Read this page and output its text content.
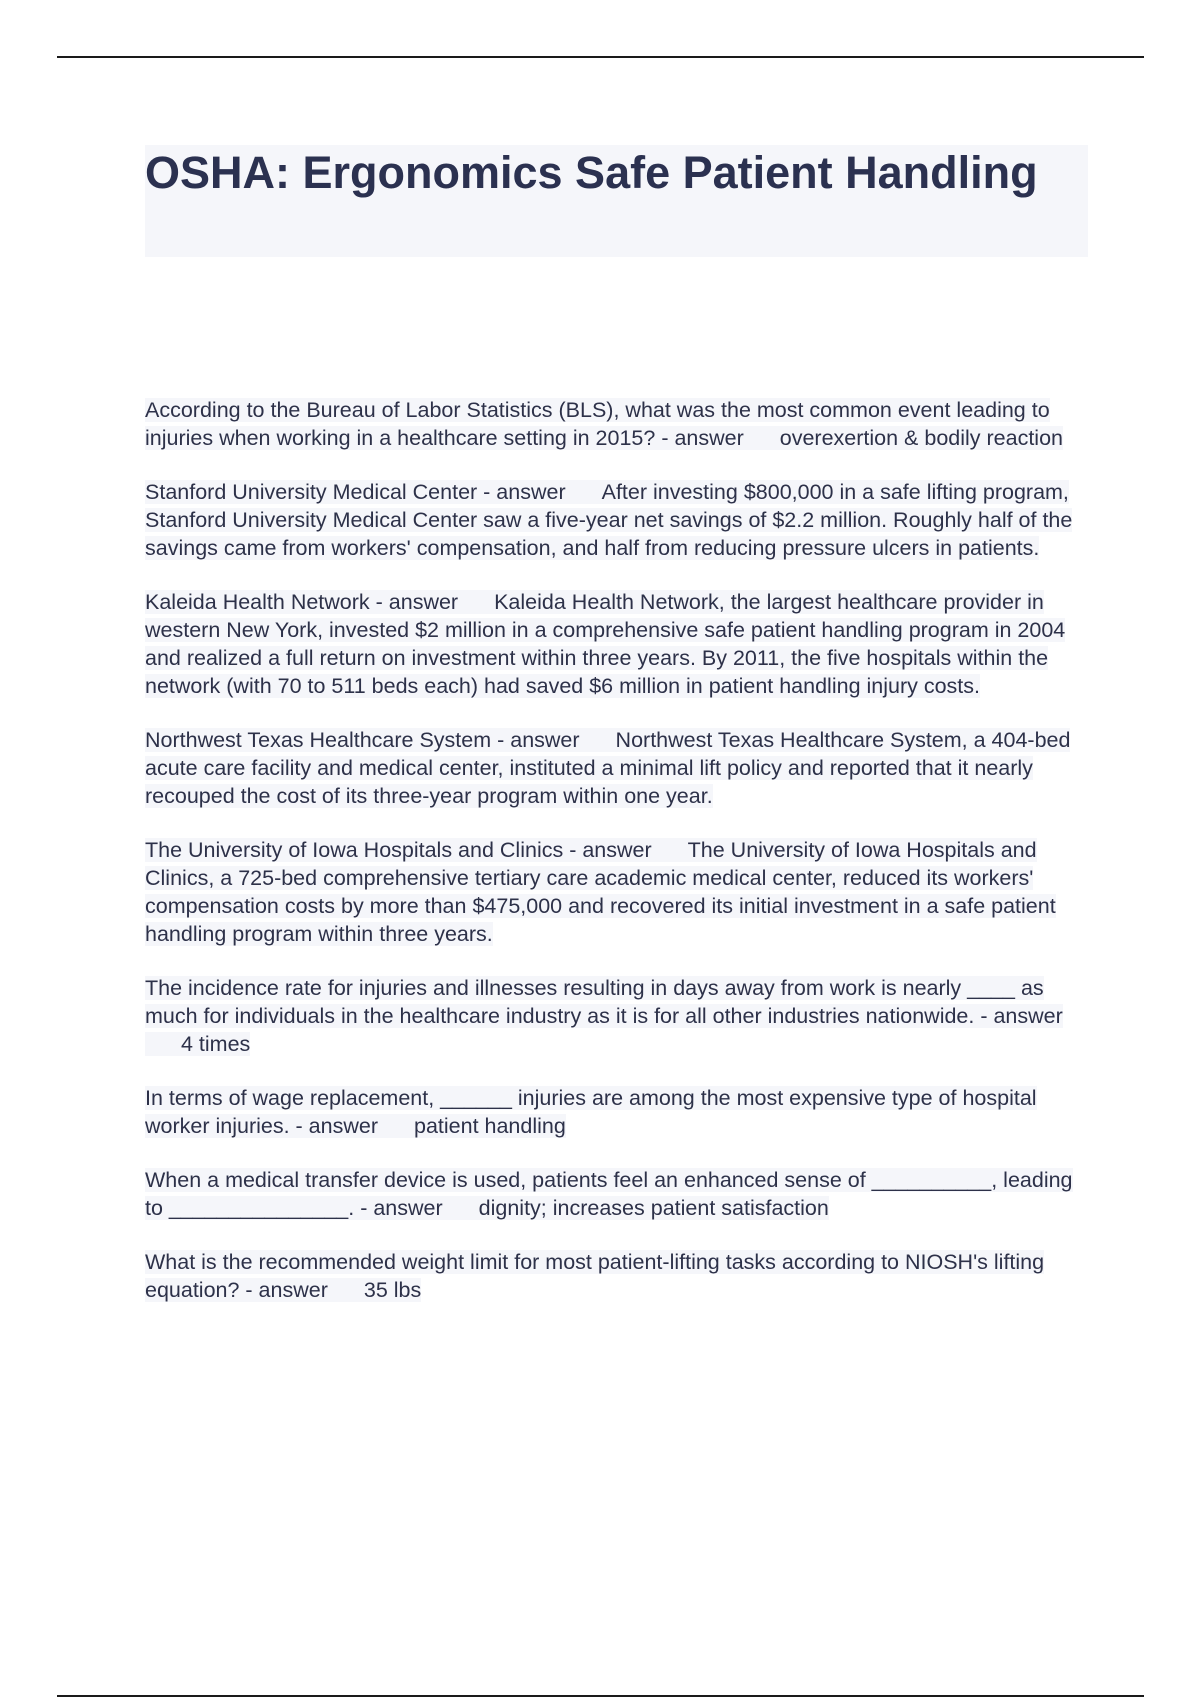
OSHA: Ergonomics Safe Patient Handling

According to the Bureau of Labor Statistics (BLS), what was the most common event leading to injuries when working in a healthcare setting in 2015? - answer overexertion & bodily reaction

Stanford University Medical Center - answer After investing $800,000 in a safe lifting program, Stanford University Medical Center saw a five-year net savings of $2.2 million. Roughly half of the savings came from workers' compensation, and half from reducing pressure ulcers in patients.

Kaleida Health Network - answer Kaleida Health Network, the largest healthcare provider in western New York, invested $2 million in a comprehensive safe patient handling program in 2004 and realized a full return on investment within three years. By 2011, the five hospitals within the network (with 70 to 511 beds each) had saved $6 million in patient handling injury costs.

Northwest Texas Healthcare System - answer Northwest Texas Healthcare System, a 404-bed acute care facility and medical center, instituted a minimal lift policy and reported that it nearly recouped the cost of its three-year program within one year.

The University of Iowa Hospitals and Clinics - answer The University of Iowa Hospitals and Clinics, a 725-bed comprehensive tertiary care academic medical center, reduced its workers' compensation costs by more than $475,000 and recovered its initial investment in a safe patient handling program within three years.

The incidence rate for injuries and illnesses resulting in days away from work is nearly ____ as much for individuals in the healthcare industry as it is for all other industries nationwide. - answer4 times

In terms of wage replacement, ______ injuries are among the most expensive type of hospital worker injuries. - answer patient handling

When a medical transfer device is used, patients feel an enhanced sense of __________, leading to _______________. - answer dignity; increases patient satisfaction

What is the recommended weight limit for most patient-lifting tasks according to NIOSH's lifting equation? - answer 35 lbs
